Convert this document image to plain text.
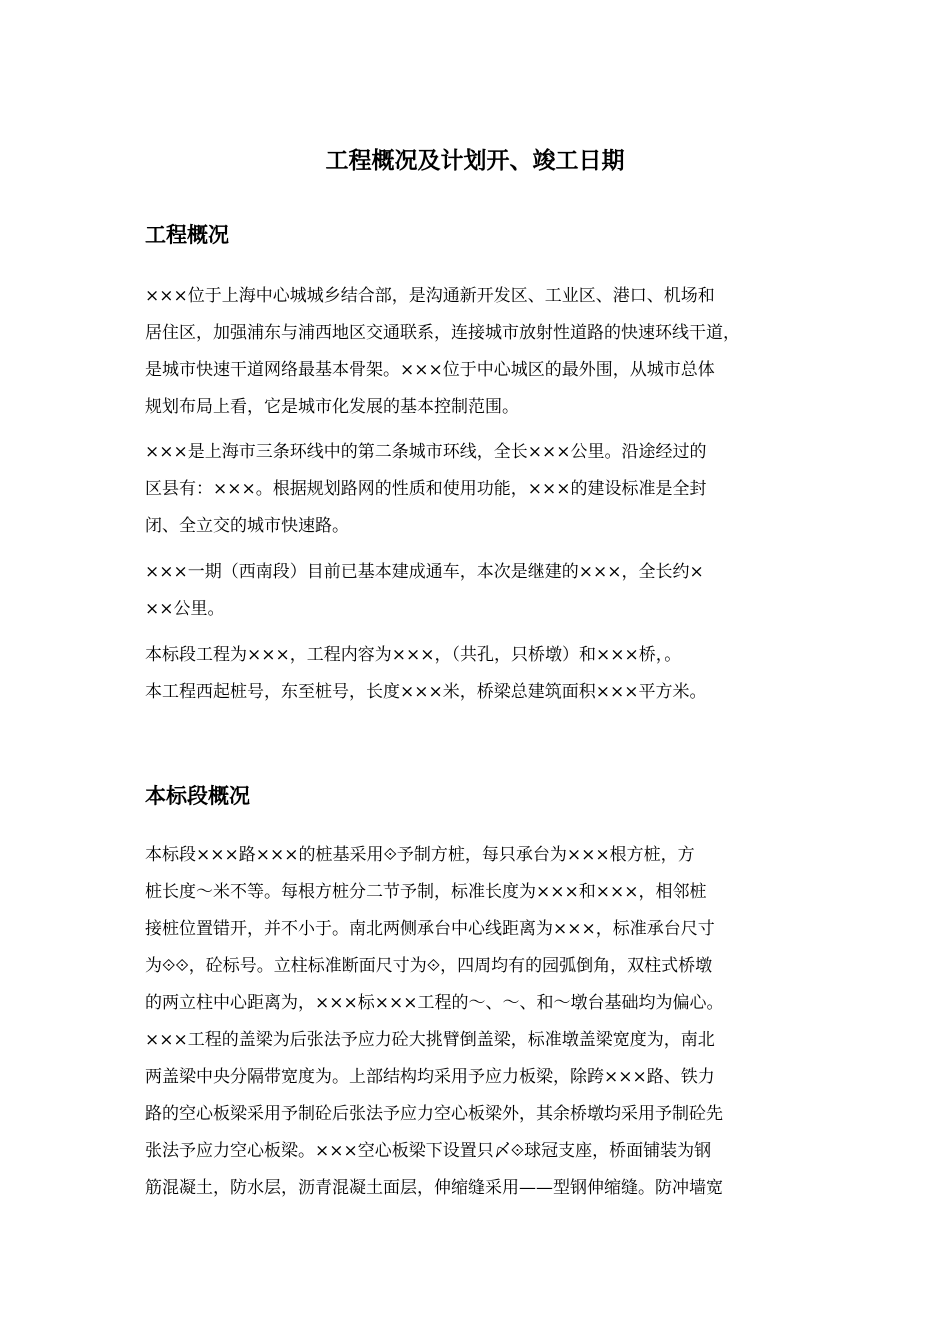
工程概况及计划开、竣工日期
工程概况
×××位于上海中心城城乡结合部，是沟通新开发区、工业区、港口、机场和
居住区，加强浦东与浦西地区交通联系，连接城市放射性道路的快速环线干道，
是城市快速干道网络最基本骨架。×××位于中心城区的最外围，从城市总体
规划布局上看，它是城市化发展的基本控制范围。
×××是上海市三条环线中的第二条城市环线，全长×××公里。沿途经过的
区县有：×××。根据规划路网的性质和使用功能，×××的建设标准是全封
闭、全立交的城市快速路。
×××一期（西南段）目前已基本建成通车，本次是继建的×××，全长约×
××公里。
本标段工程为×××，工程内容为×××，（共孔，只桥墩）和×××桥，。
本工程西起桩号，东至桩号，长度×××米，桥梁总建筑面积×××平方米。
本标段概况
本标段×××路×××的桩基采用⟐予制方桩，每只承台为×××根方桩，方
桩长度～米不等。每根方桩分二节予制，标准长度为×××和×××，相邻桩
接桩位置错开，并不小于。南北两侧承台中心线距离为×××，标准承台尺寸
为⟐⟐，砼标号。立柱标准断面尺寸为⟐，四周均有的园弧倒角，双柱式桥墩
的两立柱中心距离为，×××标×××工程的～、～、和～墩台基础均为偏心。
×××工程的盖梁为后张法予应力砼大挑臂倒盖梁，标准墩盖梁宽度为，南北
两盖梁中央分隔带宽度为。上部结构均采用予应力板梁，除跨×××路、铁力
路的空心板梁采用予制砼后张法予应力空心板梁外，其余桥墩均采用予制砼先
张法予应力空心板梁。×××空心板梁下设置只〆⟐球冠支座，桥面铺装为钢
筋混凝土，防水层，沥青混凝土面层，伸缩缝采用——型钢伸缩缝。防冲墙宽
